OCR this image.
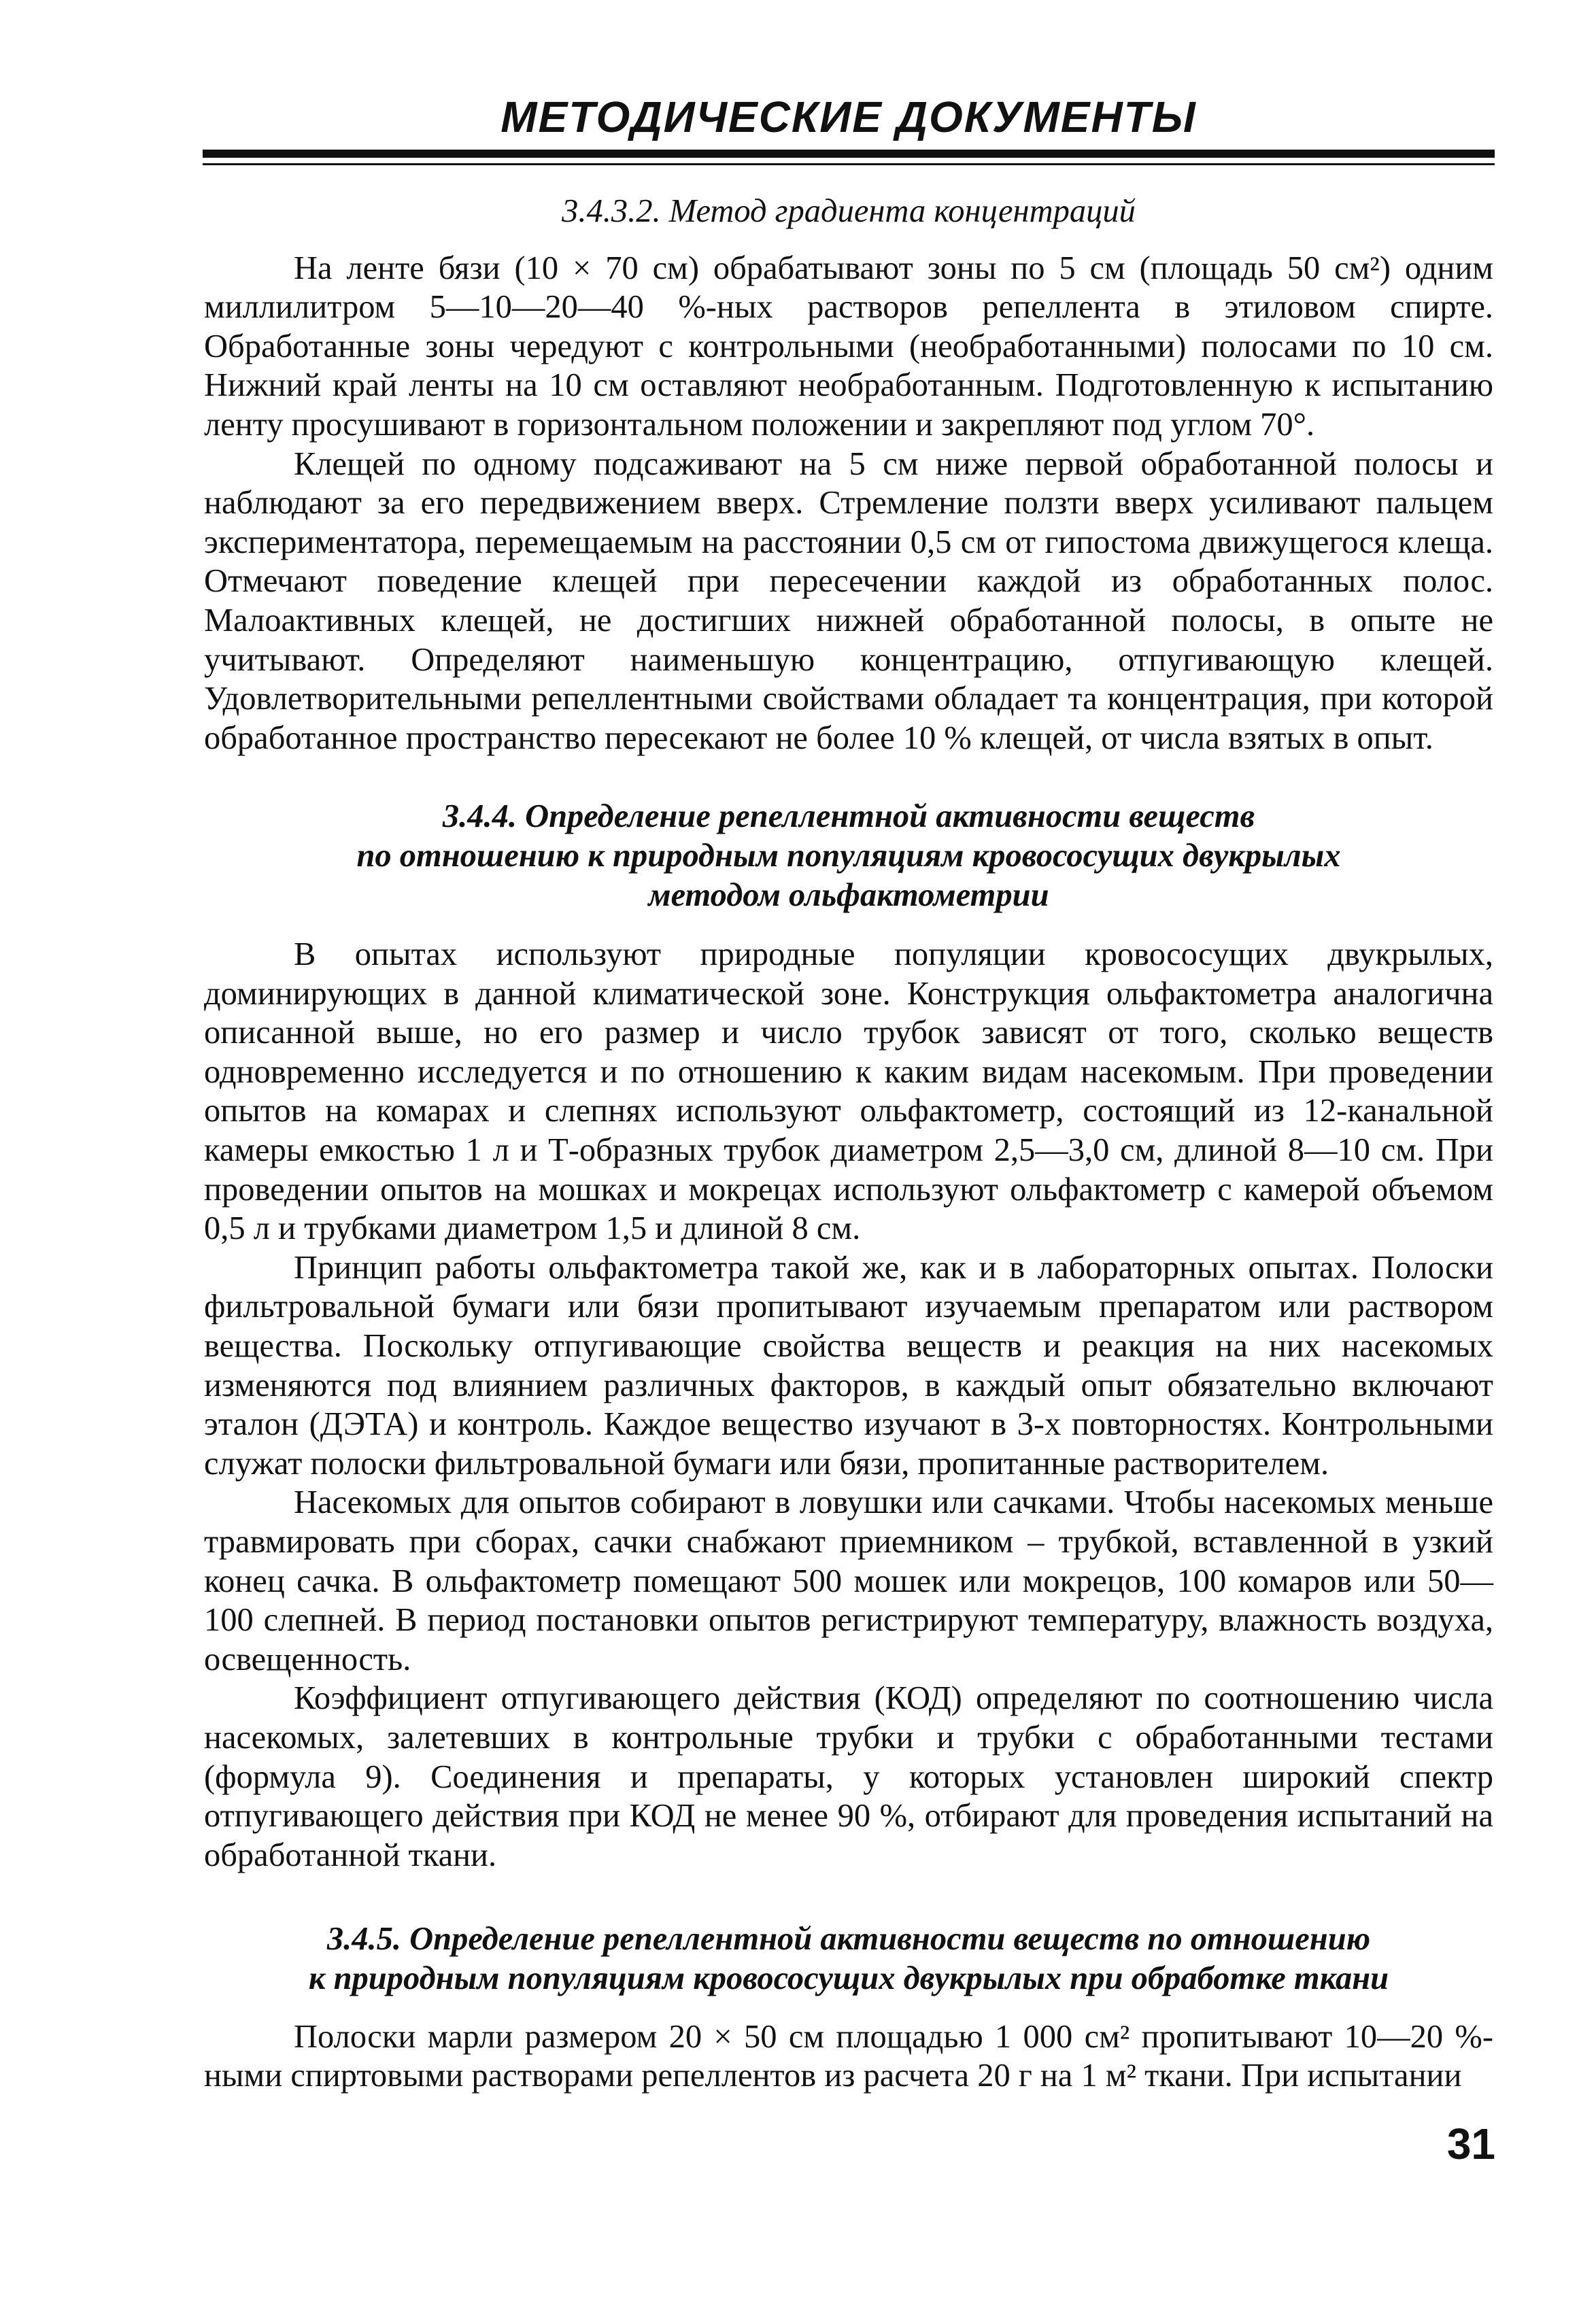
МЕТОДИЧЕСКИЕ ДОКУМЕНТЫ
3.4.3.2. Метод градиента концентраций

На ленте бязи (10 × 70 см) обрабатывают зоны по 5 см (площадь 50 см²) одним миллилитром 5—10—20—40 %-ных растворов репеллента в этиловом спирте. Обработанные зоны чередуют с контрольными (необработанными) полосами по 10 см. Нижний край ленты на 10 см оставляют необработанным. Подготовленную к испытанию ленту просушивают в горизонтальном положении и закрепляют под углом 70°.

Клещей по одному подсаживают на 5 см ниже первой обработанной полосы и наблюдают за его передвижением вверх. Стремление ползти вверх усиливают пальцем экспериментатора, перемещаемым на расстоянии 0,5 см от гипостома движущегося клеща. Отмечают поведение клещей при пересечении каждой из обработанных полос. Малоактивных клещей, не достигших нижней обработанной полосы, в опыте не учитывают. Определяют наименьшую концентрацию, отпугивающую клещей. Удовлетворительными репеллентными свойствами обладает та концентрация, при которой обработанное пространство пересекают не более 10 % клещей, от числа взятых в опыт.

3.4.4. Определение репеллентной активности веществ
по отношению к природным популяциям кровососущих двукрылых
методом ольфактометрии

В опытах используют природные популяции кровососущих двукрылых, доминирующих в данной климатической зоне. Конструкция ольфактометра аналогична описанной выше, но его размер и число трубок зависят от того, сколько веществ одновременно исследуется и по отношению к каким видам насекомым. При проведении опытов на комарах и слепнях используют ольфактометр, состоящий из 12-канальной камеры емкостью 1 л и Т-образных трубок диаметром 2,5—3,0 см, длиной 8—10 см. При проведении опытов на мошках и мокрецах используют ольфактометр с камерой объемом 0,5 л и трубками диаметром 1,5 и длиной 8 см.

Принцип работы ольфактометра такой же, как и в лабораторных опытах. Полоски фильтровальной бумаги или бязи пропитывают изучаемым препаратом или раствором вещества. Поскольку отпугивающие свойства веществ и реакция на них насекомых изменяются под влиянием различных факторов, в каждый опыт обязательно включают эталон (ДЭТА) и контроль. Каждое вещество изучают в 3-х повторностях. Контрольными служат полоски фильтровальной бумаги или бязи, пропитанные растворителем.

Насекомых для опытов собирают в ловушки или сачками. Чтобы насекомых меньше травмировать при сборах, сачки снабжают приемником – трубкой, вставленной в узкий конец сачка. В ольфактометр помещают 500 мошек или мокрецов, 100 комаров или 50—100 слепней. В период постановки опытов регистрируют температуру, влажность воздуха, освещенность.

Коэффициент отпугивающего действия (КОД) определяют по соотношению числа насекомых, залетевших в контрольные трубки и трубки с обработанными тестами (формула 9). Соединения и препараты, у которых установлен широкий спектр отпугивающего действия при КОД не менее 90 %, отбирают для проведения испытаний на обработанной ткани.

3.4.5. Определение репеллентной активности веществ по отношению
к природным популяциям кровососущих двукрылых при обработке ткани

Полоски марли размером 20 × 50 см площадью 1 000 см² пропитывают 10—20 %-ными спиртовыми растворами репеллентов из расчета 20 г на 1 м² ткани. При испытании

31
